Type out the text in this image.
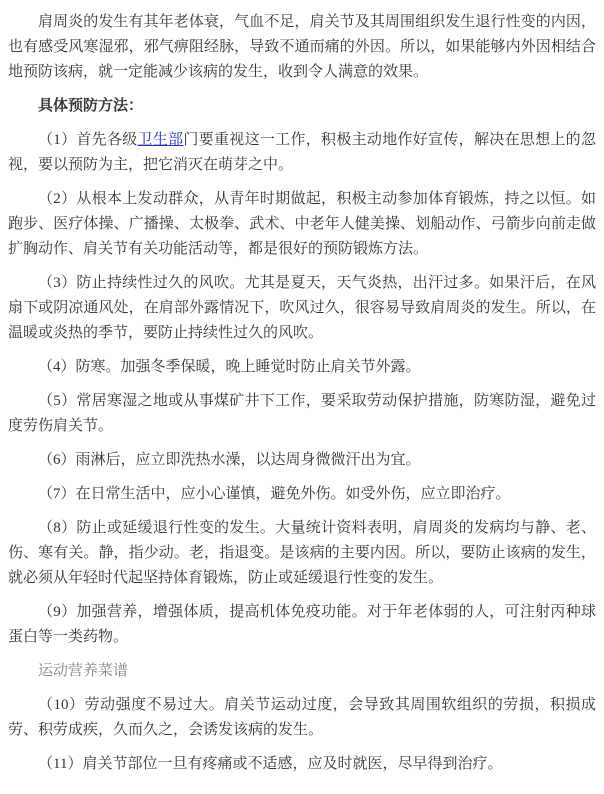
肩周炎的发生有其年老体衰，气血不足，肩关节及其周围组织发生退行性变的内因，也有感受风寒湿邪，邪气痹阻经脉，导致不通而痛的外因。所以，如果能够内外因相结合地预防该病，就一定能减少该病的发生，收到令人满意的效果。

具体预防方法：

（1）首先各级卫生部门要重视这一工作，积极主动地作好宣传，解决在思想上的忽视，要以预防为主，把它消灭在萌芽之中。

（2）从根本上发动群众，从青年时期做起，积极主动参加体育锻炼，持之以恒。如跑步、医疗体操、广播操、太极拳、武术、中老年人健美操、划船动作、弓箭步向前走做扩胸动作、肩关节有关功能活动等，都是很好的预防锻炼方法。

（3）防止持续性过久的风吹。尤其是夏天，天气炎热，出汗过多。如果汗后，在风扇下或阴凉通风处，在肩部外露情况下，吹风过久，很容易导致肩周炎的发生。所以，在温暖或炎热的季节，要防止持续性过久的风吹。

（4）防寒。加强冬季保暖，晚上睡觉时防止肩关节外露。

（5）常居寒湿之地或从事煤矿井下工作，要采取劳动保护措施，防寒防湿，避免过度劳伤肩关节。

（6）雨淋后，应立即洗热水澡，以达周身微微汗出为宜。

（7）在日常生活中，应小心谨慎，避免外伤。如受外伤，应立即治疗。

（8）防止或延缓退行性变的发生。大量统计资料表明，肩周炎的发病均与静、老、伤、寒有关。静，指少动。老，指退变。是该病的主要内因。所以，要防止该病的发生，就必须从年轻时代起坚持体育锻炼，防止或延缓退行性变的发生。

（9）加强营养，增强体质，提高机体免疫功能。对于年老体弱的人，可注射丙种球蛋白等一类药物。

运动营养菜谱

（10）劳动强度不易过大。肩关节运动过度，会导致其周围软组织的劳损，积损成劳、积劳成疾，久而久之，会诱发该病的发生。

（11）肩关节部位一旦有疼痛或不适感，应及时就医，尽早得到治疗。
